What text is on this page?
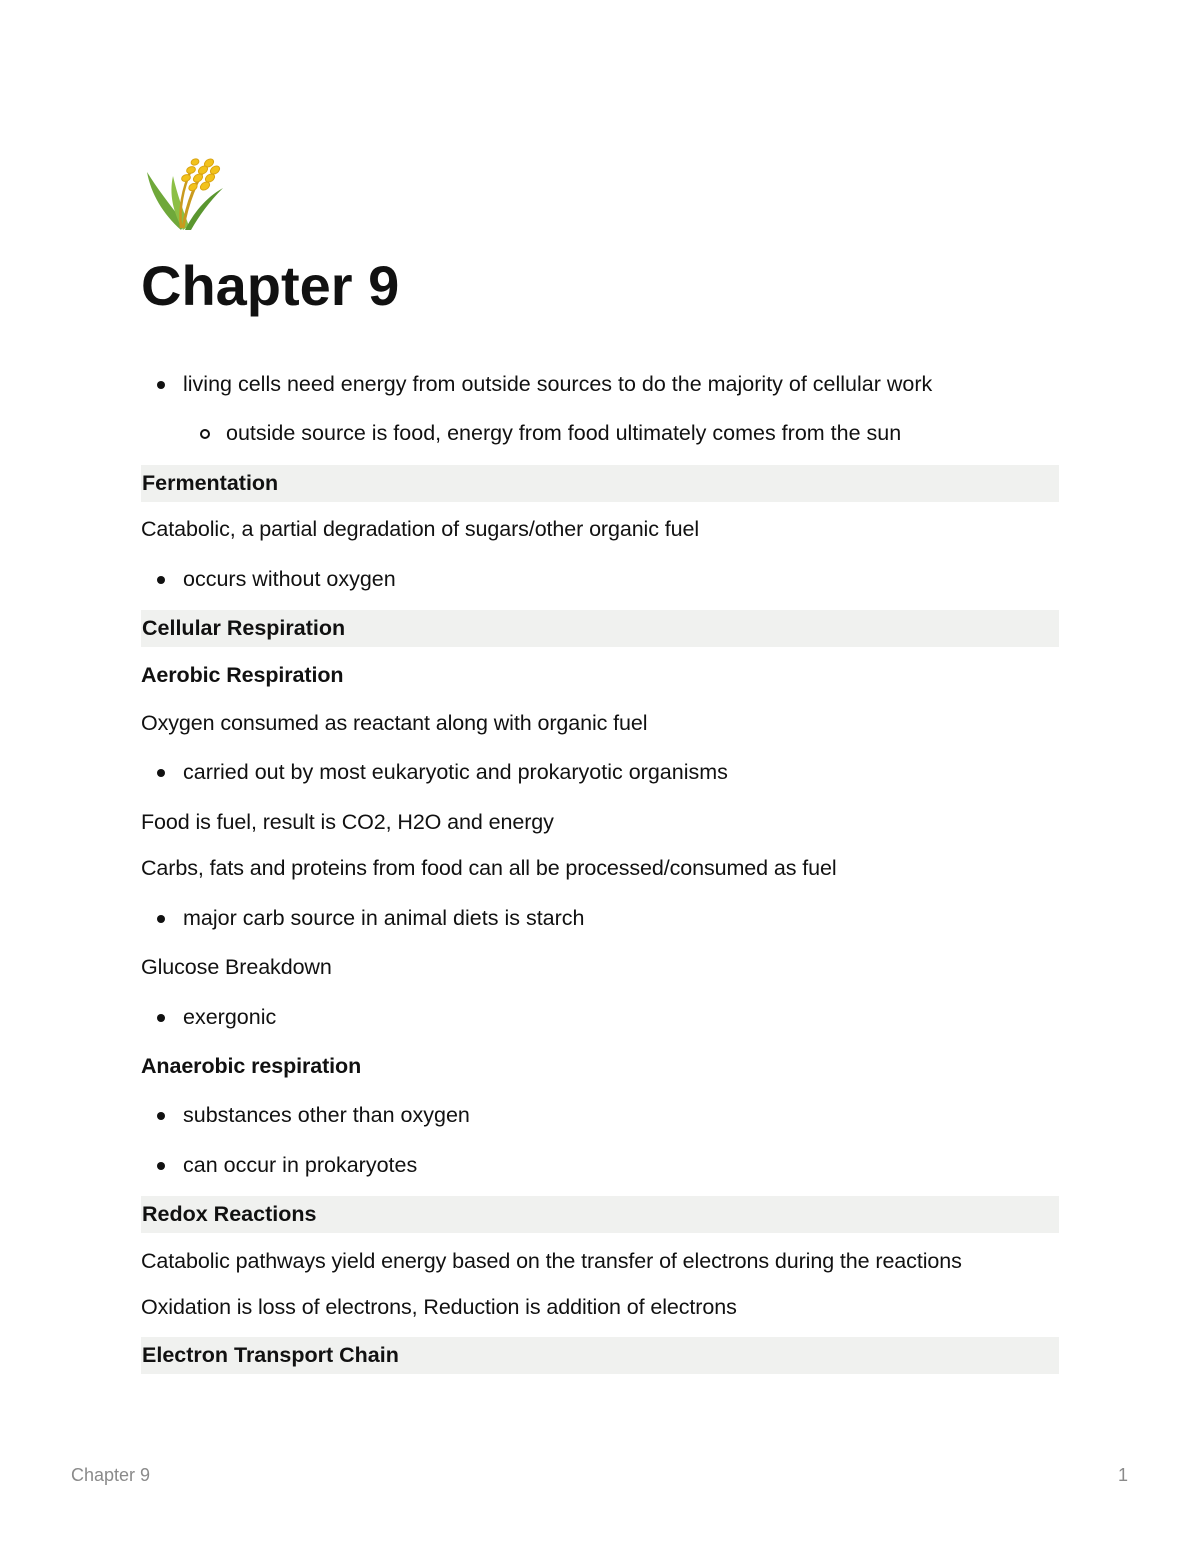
Chapter 9
living cells need energy from outside sources to do the majority of cellular work
outside source is food, energy from food ultimately comes from the sun
Fermentation
Catabolic, a partial degradation of sugars/other organic fuel
occurs without oxygen
Cellular Respiration
Aerobic Respiration
Oxygen consumed as reactant along with organic fuel
carried out by most eukaryotic and prokaryotic organisms
Food is fuel, result is CO2, H2O and energy
Carbs, fats and proteins from food can all be processed/consumed as fuel
major carb source in animal diets is starch
Glucose Breakdown
exergonic
Anaerobic respiration
substances other than oxygen
can occur in prokaryotes
Redox Reactions
Catabolic pathways yield energy based on the transfer of electrons during the reactions
Oxidation is loss of electrons, Reduction is addition of electrons
Electron Transport Chain
Chapter 9	1
